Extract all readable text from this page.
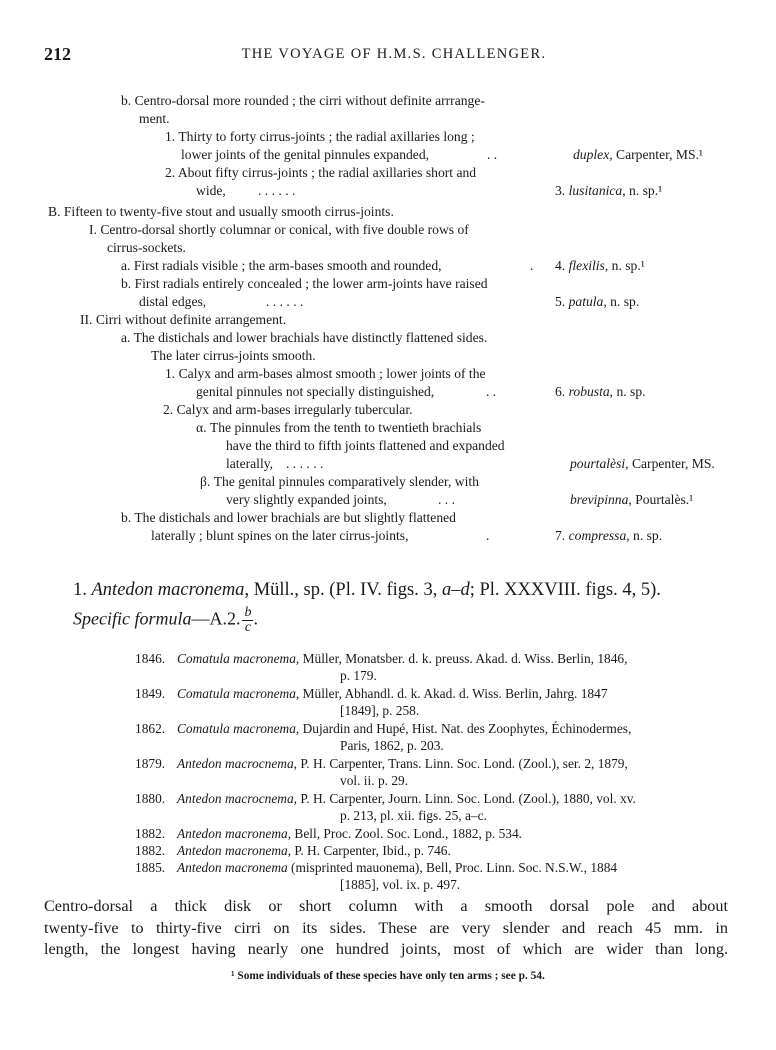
212	THE VOYAGE OF H.M.S. CHALLENGER.
b. Centro-dorsal more rounded ; the cirri without definite arrrange-
ment.
1. Thirty to forty cirrus-joints ; the radial axillaries long ;
lower joints of the genital pinnules expanded,	. .	duplex, Carpenter, MS.¹
2. About fifty cirrus-joints ; the radial axillaries short and
wide, . . . . . .	3. lusitanica, n. sp.¹
B. Fifteen to twenty-five stout and usually smooth cirrus-joints.
I. Centro-dorsal shortly columnar or conical, with five double rows of
cirrus-sockets.
a. First radials visible ; the arm-bases smooth and rounded,	. 4. flexilis, n. sp.¹
b. First radials entirely concealed ; the lower arm-joints have raised
distal edges,	. . . . . .	5. patula, n. sp.
II. Cirri without definite arrangement.
a. The distichals and lower brachials have distinctly flattened sides.
The later cirrus-joints smooth.
1. Calyx and arm-bases almost smooth ; lower joints of the
genital pinnules not specially distinguished,	. .	6. robusta, n. sp.
2. Calyx and arm-bases irregularly tubercular.
α. The pinnules from the tenth to twentieth brachials
have the third to fifth joints flattened and expanded
laterally, . . . . . .	pourtalèsi, Carpenter, MS.
β. The genital pinnules comparatively slender, with
very slightly expanded joints,	. . .	brevipinna, Pourtalès.¹
b. The distichals and lower brachials are but slightly flattened
laterally ; blunt spines on the later cirrus-joints,	.	7. compressa, n. sp.
1. Antedon macronema, Müll., sp. (Pl. IV. figs. 3, a–d; Pl. XXXVIII. figs. 4, 5).
Specific formula—A.2. $\frac{b}{c}$ .
1846. Comatula macronema, Müller, Monatsber. d. k. preuss. Akad. d. Wiss. Berlin, 1846,
p. 179.
1849. Comatula macronema, Müller, Abhandl. d. k. Akad. d. Wiss. Berlin, Jahrg. 1847
[1849], p. 258.
1862. Comatula macronema, Dujardin and Hupé, Hist. Nat. des Zoophytes, Échinodermes,
Paris, 1862, p. 203.
1879. Antedon macrocnema, P. H. Carpenter, Trans. Linn. Soc. Lond. (Zool.), ser. 2, 1879,
vol. ii. p. 29.
1880. Antedon macrocnema, P. H. Carpenter, Journ. Linn. Soc. Lond. (Zool.), 1880, vol. xv.
p. 213, pl. xii. figs. 25, a–c.
1882. Antedon macronema, Bell, Proc. Zool. Soc. Lond., 1882, p. 534.
1882. Antedon macronema, P. H. Carpenter, Ibid., p. 746.
1885. Antedon macronema (misprinted mauonema), Bell, Proc. Linn. Soc. N.S.W., 1884
[1885], vol. ix. p. 497.
Centro-dorsal a thick disk or short column with a smooth dorsal pole and about
twenty-five to thirty-five cirri on its sides. These are very slender and reach 45 mm. in
length, the longest having nearly one hundred joints, most of which are wider than long.
¹ Some individuals of these species have only ten arms ; see p. 54.
